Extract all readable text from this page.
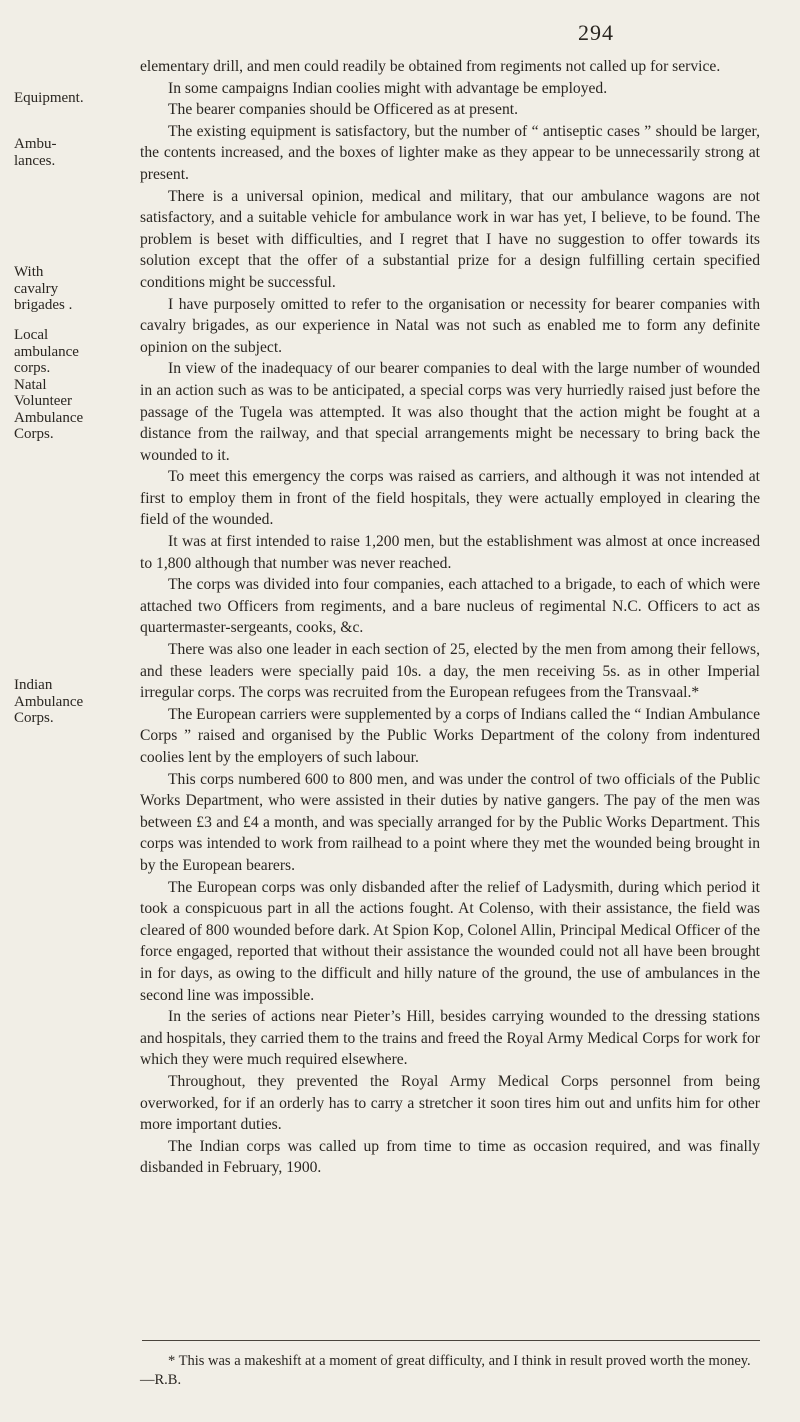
294

Equipment.

Ambu-
lances.

With
cavalry
brigades .

Local
ambulance
corps.
Natal
Volunteer
Ambulance
Corps.

Indian
Ambulance
Corps.

elementary drill, and men could readily be obtained from regiments not called up for service.

In some campaigns Indian coolies might with advantage be employed.

The bearer companies should be Officered as at present.

The existing equipment is satisfactory, but the number of “ antiseptic cases ” should be larger, the contents increased, and the boxes of lighter make as they appear to be unnecessarily strong at present.

There is a universal opinion, medical and military, that our ambulance wagons are not satisfactory, and a suitable vehicle for ambulance work in war has yet, I believe, to be found. The problem is beset with difficulties, and I regret that I have no suggestion to offer towards its solution except that the offer of a substantial prize for a design fulfilling certain specified conditions might be successful.

I have purposely omitted to refer to the organisation or necessity for bearer companies with cavalry brigades, as our experience in Natal was not such as enabled me to form any definite opinion on the subject.

In view of the inadequacy of our bearer companies to deal with the large number of wounded in an action such as was to be anticipated, a special corps was very hurriedly raised just before the passage of the Tugela was attempted. It was also thought that the action might be fought at a distance from the railway, and that special arrangements might be necessary to bring back the wounded to it.

To meet this emergency the corps was raised as carriers, and although it was not intended at first to employ them in front of the field hospitals, they were actually employed in clearing the field of the wounded.

It was at first intended to raise 1,200 men, but the establishment was almost at once increased to 1,800 although that number was never reached.

The corps was divided into four companies, each attached to a brigade, to each of which were attached two Officers from regiments, and a bare nucleus of regimental N.C. Officers to act as quartermaster-sergeants, cooks, &c.

There was also one leader in each section of 25, elected by the men from among their fellows, and these leaders were specially paid 10s. a day, the men receiving 5s. as in other Imperial irregular corps. The corps was recruited from the European refugees from the Transvaal.*

The European carriers were supplemented by a corps of Indians called the “ Indian Ambulance Corps ” raised and organised by the Public Works Department of the colony from indentured coolies lent by the employers of such labour.

This corps numbered 600 to 800 men, and was under the control of two officials of the Public Works Department, who were assisted in their duties by native gangers. The pay of the men was between £3 and £4 a month, and was specially arranged for by the Public Works Department. This corps was intended to work from railhead to a point where they met the wounded being brought in by the European bearers.

The European corps was only disbanded after the relief of Ladysmith, during which period it took a conspicuous part in all the actions fought. At Colenso, with their assistance, the field was cleared of 800 wounded before dark. At Spion Kop, Colonel Allin, Principal Medical Officer of the force engaged, reported that without their assistance the wounded could not all have been brought in for days, as owing to the difficult and hilly nature of the ground, the use of ambulances in the second line was impossible.

In the series of actions near Pieter’s Hill, besides carrying wounded to the dressing stations and hospitals, they carried them to the trains and freed the Royal Army Medical Corps for work for which they were much required elsewhere.

Throughout, they prevented the Royal Army Medical Corps personnel from being overworked, for if an orderly has to carry a stretcher it soon tires him out and unfits him for other more important duties.

The Indian corps was called up from time to time as occasion required, and was finally disbanded in February, 1900.

* This was a makeshift at a moment of great difficulty, and I think in result proved worth the money.—R.B.
